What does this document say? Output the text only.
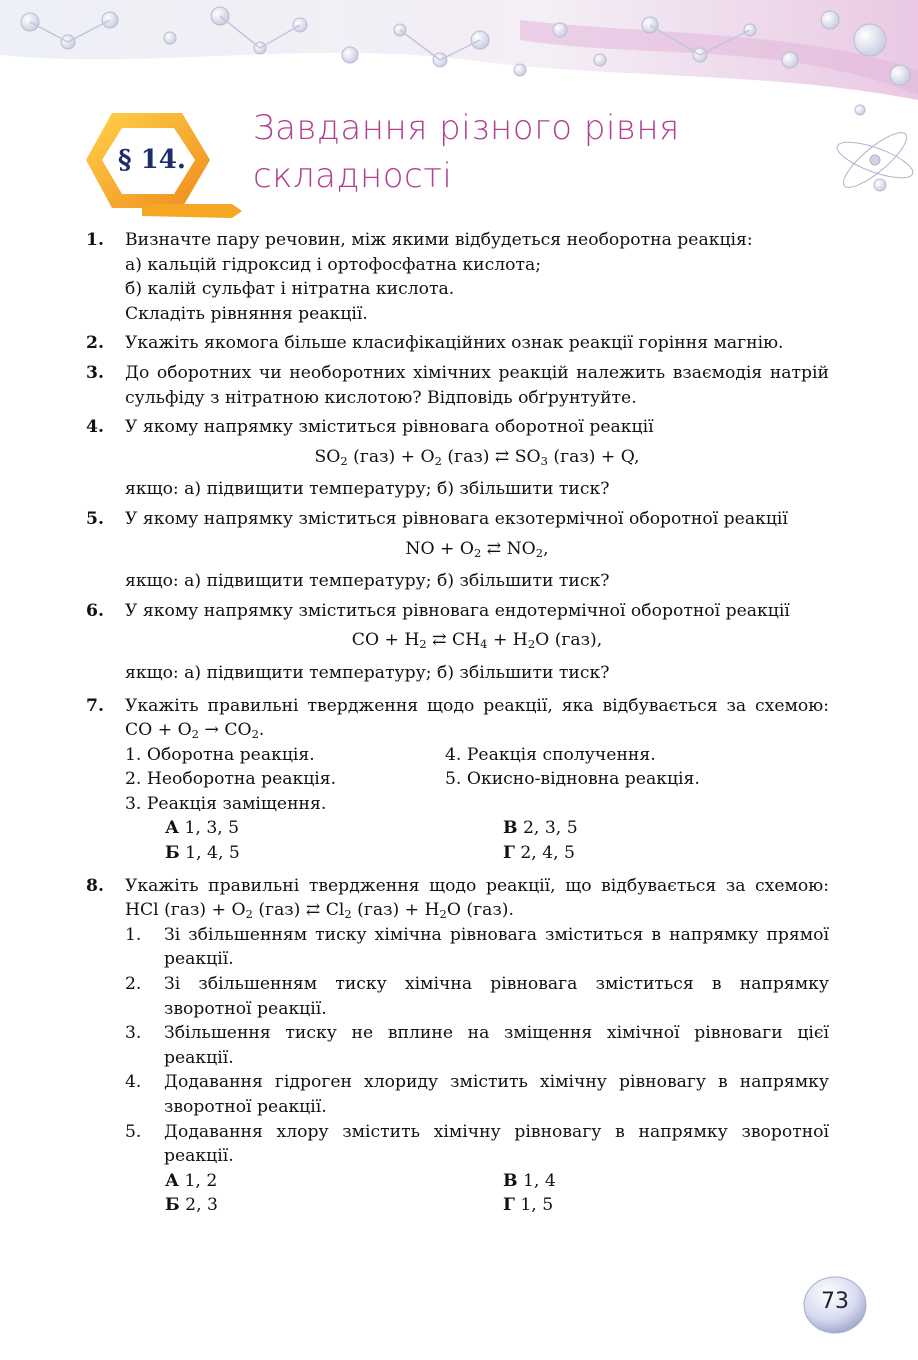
§ 14.
Завдання різного рівня
складності
1.	Визначте пару речовин, між якими відбудеться необоротна реакція:
а) кальцій гідроксид і ортофосфатна кислота;
б) калій сульфат і нітратна кислота.
Складіть рівняння реакції.
2.	Укажіть якомога більше класифікаційних ознак реакції горіння магнію.
3.	До оборотних чи необоротних хімічних реакцій належить взаємодія натрій сульфіду з нітратною кислотою? Відповідь обґрунтуйте.
4.	У якому напрямку зміститься рівновага оборотної реакції
$SO_2$ $(газ) + O_2$ (газ) ⇄ $SO_3$ (газ) + Q,
якщо: а) підвищити температуру; б) збільшити тиск?
5.	У якому напрямку зміститься рівновага екзотермічної оборотної реакції
NO + $O_2$ ⇄ $NO_2$,
якщо: а) підвищити температуру; б) збільшити тиск?
6.	У якому напрямку зміститься рівновага ендотермічної оборотної реакції
CO + $H_2$ ⇄ $CH_4 + H_2O$ (газ),
якщо: а) підвищити температуру; б) збільшити тиск?
7.	Укажіть правильні твердження щодо реакції, яка відбувається за схемою: CO + $O_2 \to CO_2$.
1. Оборотна реакція.	4. Реакція сполучення.
2. Необоротна реакція.	5. Окисно-відновна реакція.
3. Реакція заміщення.
А 1, 3, 5	В 2, 3, 5
Б 1, 4, 5	Г 2, 4, 5
8.	Укажіть правильні твердження щодо реакції, що відбувається за схемою: HCl $(газ) + O_2$ (газ) ⇄ $Cl_2$ $(газ) + H_2O$ (газ).
1.	Зі збільшенням тиску хімічна рівновага зміститься в напрямку прямої реакції.
2.	Зі збільшенням тиску хімічна рівновага зміститься в напрямку зворотної реакції.
3.	Збільшення тиску не вплине на зміщення хімічної рівноваги цієї реакції.
4.	Додавання гідроген хлориду змістить хімічну рівновагу в напрямку зворотної реакції.
5.	Додавання хлору змістить хімічну рівновагу в напрямку зворотної реакції.
А 1, 2	В 1, 4
Б 2, 3	Г 1, 5
73
